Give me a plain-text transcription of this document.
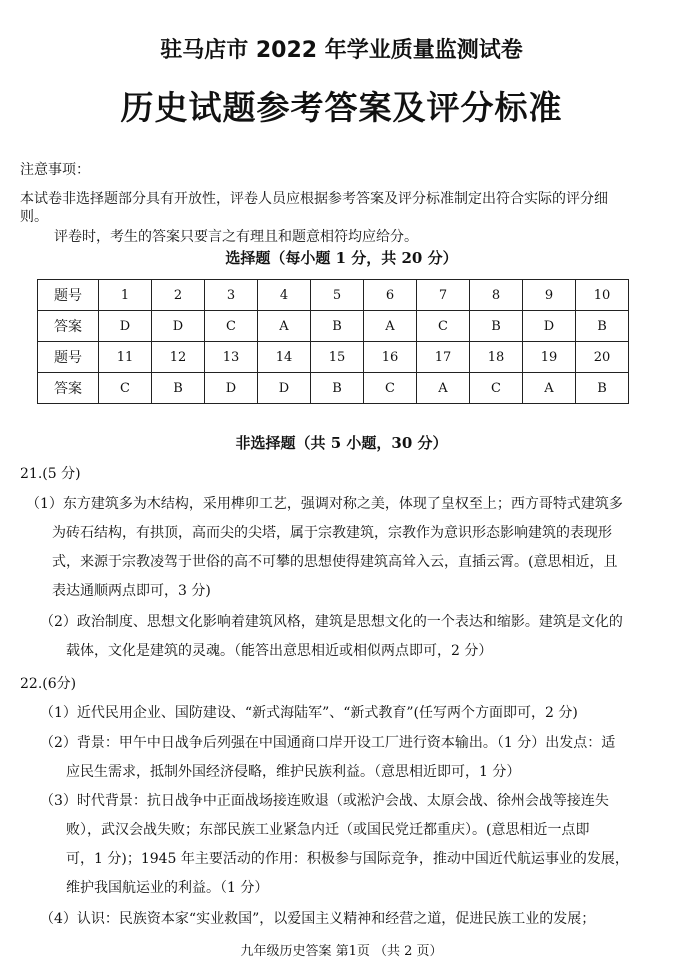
驻马店市 2022 年学业质量监测试卷
历史试题参考答案及评分标准
注意事项：
本试卷非选择题部分具有开放性，评卷人员应根据参考答案及评分标准制定出符合实际的评分细
则。
评卷时，考生的答案只要言之有理且和题意相符均应给分。
选择题（每小题 1 分，共 20 分）
题号	1	2	3	4	5	6	7	8	9	10
答案	D	D	C	A	B	A	C	B	D	B
题号	11	12	13	14	15	16	17	18	19	20
答案	C	B	D	D	B	C	A	C	A	B
非选择题（共 5 小题，30 分）
21.(5 分)
（1）东方建筑多为木结构，采用榫卯工艺，强调对称之美，体现了皇权至上；西方哥特式建筑多
为砖石结构，有拱顶，高而尖的尖塔，属于宗教建筑，宗教作为意识形态影响建筑的表现形
式，来源于宗教凌驾于世俗的高不可攀的思想使得建筑高耸入云，直插云霄。(意思相近，且
表达通顺两点即可，3 分)
（2）政治制度、思想文化影响着建筑风格，建筑是思想文化的一个表达和缩影。建筑是文化的
载体，文化是建筑的灵魂。（能答出意思相近或相似两点即可，2 分）
22.(6分)
（1）近代民用企业、国防建设、“新式海陆军”、“新式教育”(任写两个方面即可，2 分)
（2）背景：甲午中日战争后列强在中国通商口岸开设工厂进行资本输出。（1 分）出发点：适
应民生需求，抵制外国经济侵略，维护民族利益。（意思相近即可，1 分）
（3）时代背景：抗日战争中正面战场接连败退（或淞沪会战、太原会战、徐州会战等接连失
败），武汉会战失败；东部民族工业紧急内迁（或国民党迁都重庆）。(意思相近一点即
可，1 分)；1945 年主要活动的作用：积极参与国际竞争，推动中国近代航运事业的发展，
维护我国航运业的利益。（1 分）
（4）认识：民族资本家“实业救国”，以爱国主义精神和经营之道，促进民族工业的发展；
九年级历史答案 第1页 （共 2 页）
